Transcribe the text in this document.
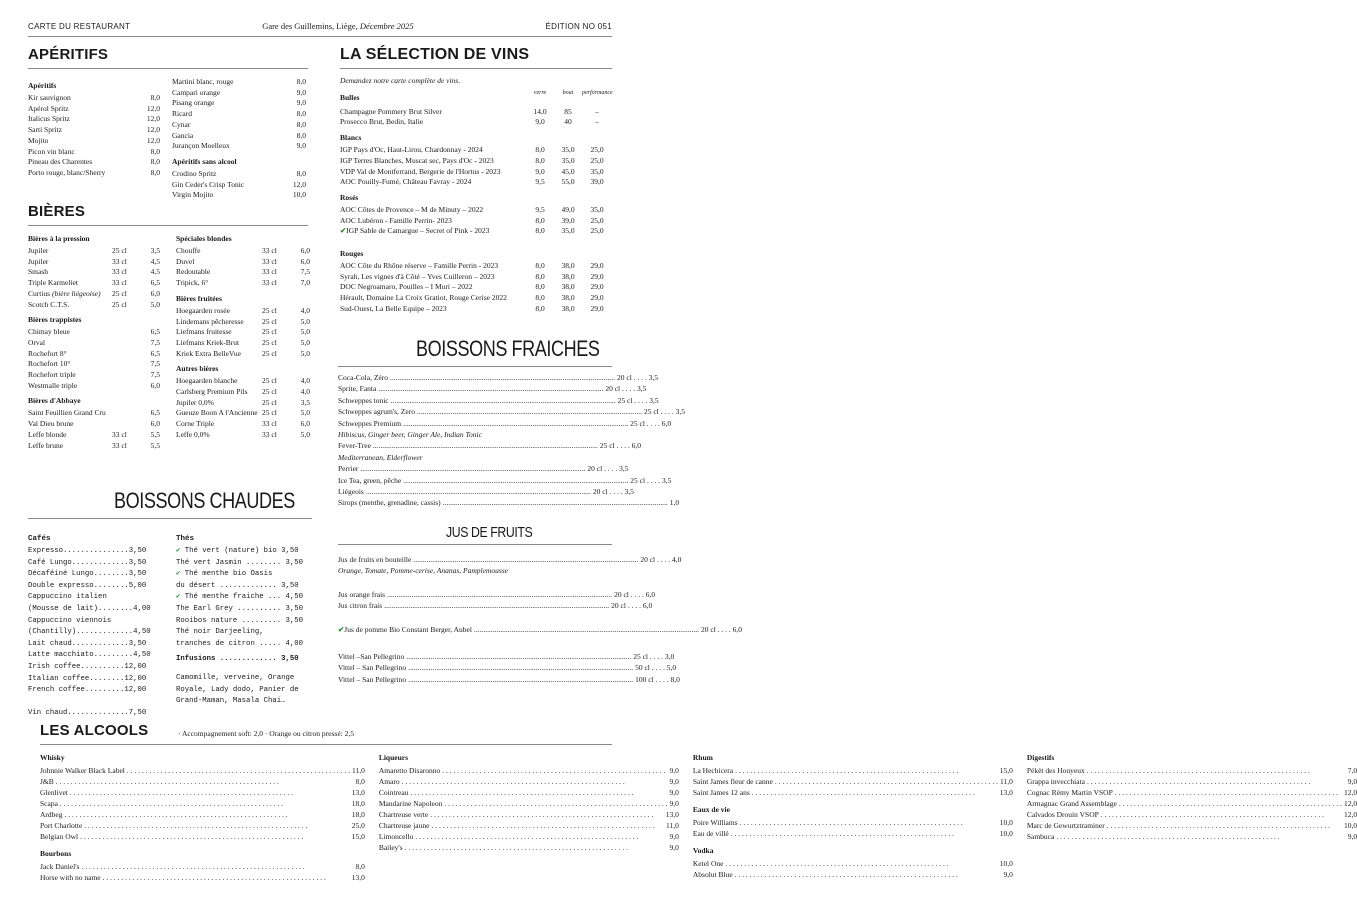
CARTE DU RESTAURANT	Gare des Guillemins, Liège, Décembre 2025	ÉDITION NO 051
APÉRITIFS
Apéritifs
Kir sauvignon	8,0
Apérol Spritz	12,0
Italicus Spritz	12,0
Sarti Spritz	12,0
Mojito	12,0
Picon vin blanc	8,0
Pineau des Charentes	8,0
Porto rouge, blanc/Sherry	8,0
Martini blanc, rouge	8,0
Campari orange	9,0
Pisang orange	9,0
Ricard	8,0
Cynar	8,0
Gancia	8,0
Jurançon Moelleux	9,0
Apéritifs sans alcool
Crodino Spritz	8,0
Gin Ceder's Crisp Tonic	12,0
Virgin Mojito	10,0
BIÈRES
Bières à la pression
Jupiler	25 cl	3,5
Jupiler	33 cl	4,5
Smash	33 cl	4,5
Triple Karmeliet	33 cl	6,5
Curtius (bière liégeoise) 25 cl	6,0
Scotch C.T.S.	25 cl	5,0
Bières trappistes
Chimay bleue	6,5
Orval	7,5
Rochefort 8°	6,5
Rochefort 10°	7,5
Rochefort triple	7,5
Westmalle triple	6,0
Bières d'Abbaye
Saint Feuillien Grand Cru	6,5
Val Dieu brune	6,0
Leffe blonde	33 cl	5,5
Leffe brune	33 cl	5,5
Spéciales blondes
Chouffe	33 cl	6,0
Duvel	33 cl	6,0
Redoutable	33 cl	7,5
Tripick, 6°	33 cl	7,0
Bières fruitées
Hoegaarden rosée	25 cl	4,0
Lindemans pêcheresse 25 cl	5,0
Liefmans fruitesse	25 cl	5,0
Liefmans Kriek-Brut	25 cl	5,0
Kriek Extra BelleVue	25 cl	5,0
Autres bières
Hoegaarden blanche	25 cl	4,0
Carlsberg Premium Pils 25 cl	4,0
Jupiler 0,0%	25 cl	3,5
Gueuze Boon A l'Ancienne 25 cl	5,0
Corne Triple	33 cl	6,0
Leffe 0,0%	33 cl	5,0
LA SÉLECTION DE VINS
Demandez notre carte complète de vins.
Bulles	verre	bout	performance
Champagne Pommery Brut Silver	14,0	85	–
Prosecco Brut, Bedin, Italie	9,0	40	–
Blancs
IGP Pays d'Oc, Haut-Lirou, Chardonnay - 2024	8,0	35,0	25,0
IGP Terres Blanches, Muscat sec, Pays d'Oc - 2023	8,0	35,0	25,0
VDP Val de Montferrand, Bergerie de l'Hortus - 2023	9,0	45,0	35,0
AOC Pouilly-Fumé, Château Favray - 2024	9,5	55,0	39,0
Rosés
AOC Côtes de Provence – M de Minuty – 2022	9,5	49,0	35,0
AOC Lubéron - Famille Perrin- 2023	8,0	39,0	25,0
✔IGP Sable de Camargue – Secret of Pink - 2023	8,0	35,0	25,0
Rouges
AOC Côte du Rhône réserve – Famille Perrin - 2023	8,0	38,0	29,0
Syrah, Les vignes d'à Côté – Yves Cuilleron – 2023	8,0	38,0	29,0
DOC Negroamaro, Pouilles – I Muri – 2022	8,0	38,0	29,0
Hérault, Domaine La Croix Gratiot, Rouge Cerise 2022	8,0	38,0	29,0
Sud-Ouest, La Belle Equipe – 2023	8,0	38,0	29,0
BOISSONS FRAICHES
Coca-Cola, Zéro ........................................................................................................................ 20 cl . . . . 3,5
Sprite, Fanta ........................................................................................................................ 20 cl . . . . 3,5
Schweppes tonic ........................................................................................................................ 25 cl . . . . 3,5
Schweppes agrum's, Zero ........................................................................................................................ 25 cl . . . . 3,5
Schweppes Premium ........................................................................................................................ 25 cl . . . . 6,0
Hibiscus, Ginger beer, Ginger Ale, Indian Tonic
Fever-Tree ........................................................................................................................ 25 cl . . . . 6,0
Mediterranean, Elderflower
Perrier ........................................................................................................................ 20 cl . . . . 3,5
Ice Tea, green, pêche ........................................................................................................................ 25 cl . . . . 3,5
Liégeois ........................................................................................................................ 20 cl . . . . 3,5
Sirops (menthe, grenadine, cassis) ........................................................................................................................ 1,0
JUS DE FRUITS
Jus de fruits en bouteille ........................................................................................................................ 20 cl . . . . 4,0
Orange, Tomate, Pomme-cerise, Ananas, Pamplemousse
Jus orange frais ........................................................................................................................ 20 cl . . . . 6,0
Jus citron frais ........................................................................................................................ 20 cl . . . . 6,0
✔ Jus de pomme Bio Constant Berger, Aubel ........................................................................................................................ 20 cl . . . . 6,0
Vittel –San Pellegrino ........................................................................................................................ 25 cl . . . . 3,0
Vittel – San Pellegrino ........................................................................................................................ 50 cl . . . . 5,0
Vittel – San Pellegrino ........................................................................................................................ 100 cl . . . . 8,0
BOISSONS CHAUDES
Cafés
Expresso...............3,50
Café Lungo.............3,50
Décaféiné Lungo........3,50
Double expresso........5,00
Cappuccino italien
(Mousse de lait)........4,00
Cappuccino viennois
(Chantilly).............4,50
Lait chaud.............3,50
Latte macchiato.........4,50
Irish coffee..........12,00
Italian coffee........12,00
French coffee.........12,00

Vin chaud..............7,50
Thés
✔ Thé vert (nature) bio 3,50
Thé vert Jasmin ........ 3,50
✔ Thé menthe bio Oasis
du désert ............. 3,50
✔ Thé menthe fraiche ... 4,50
The Earl Grey .......... 3,50
Rooibos nature ......... 3,50
Thé noir Darjeeling,
tranches de citron ..... 4,00
Infusions ............. 3,50
Camomille, verveine, Orange
Royale, Lady dodo, Panier de
Grand-Maman, Masala Chai…
LES ALCOOLS	· Accompagnement soft: 2,0 · Orange ou citron pressé: 2,5
Whisky
Johnnie Walker Black Label . . . . . . . . . . . . . . . . . . . . . . . . . . . . . . . . . . . . . . . . . . . . . . . . . . . . . . . . . . . . 11,0
J&B . . . . . . . . . . . . . . . . . . . . . . . . . . . . . . . . . . . . . . . . . . . . . . . . . . . . . . . . . . . .	8,0
Glenlivet . . . . . . . . . . . . . . . . . . . . . . . . . . . . . . . . . . . . . . . . . . . . . . . . . . . . . . . . . . . .	13,0
Scapa . . . . . . . . . . . . . . . . . . . . . . . . . . . . . . . . . . . . . . . . . . . . . . . . . . . . . . . . . . . .	18,0
Ardbeg . . . . . . . . . . . . . . . . . . . . . . . . . . . . . . . . . . . . . . . . . . . . . . . . . . . . . . . . . . . .	18,0
Port Charlotte . . . . . . . . . . . . . . . . . . . . . . . . . . . . . . . . . . . . . . . . . . . . . . . . . . . . . . . . . . . .	25,0
Belgian Owl . . . . . . . . . . . . . . . . . . . . . . . . . . . . . . . . . . . . . . . . . . . . . . . . . . . . . . . . . . . .	15,0
Bourbons
Jack Daniel's . . . . . . . . . . . . . . . . . . . . . . . . . . . . . . . . . . . . . . . . . . . . . . . . . . . . . . . . . . . .	8,0
Horse with no name . . . . . . . . . . . . . . . . . . . . . . . . . . . . . . . . . . . . . . . . . . . . . . . . . . . . . . . . . . . .	13,0
Liqueurs
Amaretto Disaronno . . . . . . . . . . . . . . . . . . . . . . . . . . . . . . . . . . . . . . . . . . . . . . . . . . . . . . . . . . . . 9,0
Amaro . . . . . . . . . . . . . . . . . . . . . . . . . . . . . . . . . . . . . . . . . . . . . . . . . . . . . . . . . . . .	9,0
Cointreau . . . . . . . . . . . . . . . . . . . . . . . . . . . . . . . . . . . . . . . . . . . . . . . . . . . . . . . . . . . .	9,0
Mandarine Napoleon . . . . . . . . . . . . . . . . . . . . . . . . . . . . . . . . . . . . . . . . . . . . . . . . . . . . . . . . . . . . 9,0
Chartreuse verte . . . . . . . . . . . . . . . . . . . . . . . . . . . . . . . . . . . . . . . . . . . . . . . . . . . . . . . . . . . .	13,0
Chartreuse jaune . . . . . . . . . . . . . . . . . . . . . . . . . . . . . . . . . . . . . . . . . . . . . . . . . . . . . . . . . . . .	11,0
Limoncello . . . . . . . . . . . . . . . . . . . . . . . . . . . . . . . . . . . . . . . . . . . . . . . . . . . . . . . . . . . .	9,0
Bailey's . . . . . . . . . . . . . . . . . . . . . . . . . . . . . . . . . . . . . . . . . . . . . . . . . . . . . . . . . . . .	9,0
Rhum
La Hechicera . . . . . . . . . . . . . . . . . . . . . . . . . . . . . . . . . . . . . . . . . . . . . . . . . . . . . . . . . . . .	15,0
Saint James fleur de canne . . . . . . . . . . . . . . . . . . . . . . . . . . . . . . . . . . . . . . . . . . . . . . . . . . . . . . . . . . . . 11,0
Saint James 12 ans . . . . . . . . . . . . . . . . . . . . . . . . . . . . . . . . . . . . . . . . . . . . . . . . . . . . . . . . . . . .	13,0
Eaux de vie
Poire Williams . . . . . . . . . . . . . . . . . . . . . . . . . . . . . . . . . . . . . . . . . . . . . . . . . . . . . . . . . . . .	10,0
Eau de villé . . . . . . . . . . . . . . . . . . . . . . . . . . . . . . . . . . . . . . . . . . . . . . . . . . . . . . . . . . . .	10,0
Vodka
Ketel One . . . . . . . . . . . . . . . . . . . . . . . . . . . . . . . . . . . . . . . . . . . . . . . . . . . . . . . . . . . .	10,0
Absolut Blue . . . . . . . . . . . . . . . . . . . . . . . . . . . . . . . . . . . . . . . . . . . . . . . . . . . . . . . . . . . .	9,0
Digestifs
Pékèt des Houyeux . . . . . . . . . . . . . . . . . . . . . . . . . . . . . . . . . . . . . . . . . . . . . . . . . . . . . . . . . . . .	7,0
Grappa invecchiata . . . . . . . . . . . . . . . . . . . . . . . . . . . . . . . . . . . . . . . . . . . . . . . . . . . . . . . . . . . .	9,0
Cognac Rémy Martin VSOP . . . . . . . . . . . . . . . . . . . . . . . . . . . . . . . . . . . . . . . . . . . . . . . . . . . . . . . . . . . . 12,0
Armagnac Grand Assemblage . . . . . . . . . . . . . . . . . . . . . . . . . . . . . . . . . . . . . . . . . . . . . . . . . . . . . . . . . . . . 12,0
Calvados Drouin VSOP . . . . . . . . . . . . . . . . . . . . . . . . . . . . . . . . . . . . . . . . . . . . . . . . . . . . . . . . . . . .	12,0
Marc de Gewurtztraminer . . . . . . . . . . . . . . . . . . . . . . . . . . . . . . . . . . . . . . . . . . . . . . . . . . . . . . . . . . . .	10,0
Sambuca . . . . . . . . . . . . . . . . . . . . . . . . . . . . . . . . . . . . . . . . . . . . . . . . . . . . . . . . . . . .	9,0
